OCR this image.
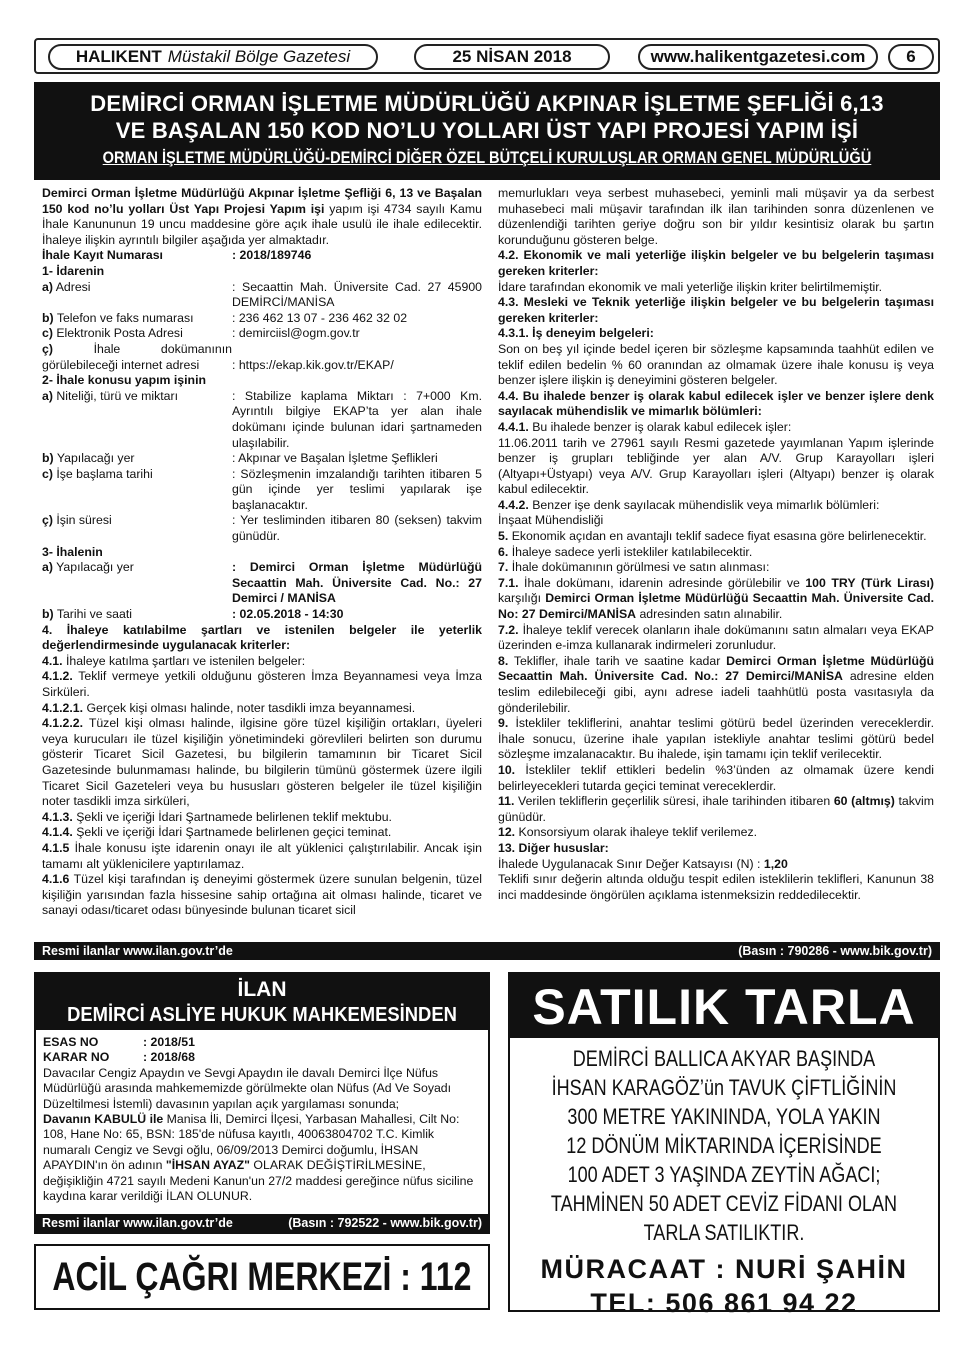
HALIKENT Müstakil Bölge Gazetesi	25 NİSAN 2018	www.halikentgazetesi.com	6
DEMİRCİ ORMAN İŞLETME MÜDÜRLÜĞÜ AKPINAR İŞLETME ŞEFLİĞİ 6,13
VE BAŞALAN 150 KOD NO’LU YOLLARI ÜST YAPI PROJESİ YAPIM İŞİ
ORMAN İŞLETME MÜDÜRLÜĞÜ-DEMİRCİ DİĞER ÖZEL BÜTÇELİ KURULUŞLAR ORMAN GENEL MÜDÜRLÜĞÜ

Demirci Orman İşletme Müdürlüğü Akpınar İşletme Şefliği 6, 13 ve Başalan 150 kod no’lu yolları Üst Yapı Projesi Yapım işi yapım işi 4734 sayılı Kamu İhale Kanununun 19 uncu maddesine göre açık ihale usulü ile ihale edilecektir. İhaleye ilişkin ayrıntılı bilgiler aşağıda yer almaktadır.

İhale Kayıt Numarası	: 2018/189746

1- İdarenin

a) Adresi	: Secaattin Mah. Üniversite Cad. 27 45900 DEMİRCİ/MANİSA
b) Telefon ve faks numarası	: 236 462 13 07 - 236 462 32 02
c) Elektronik Posta Adresi	: demirciisl@ogm.gov.tr
ç)	İhale dokümanının görülebileceği internet adresi	: https://ekap.kik.gov.tr/EKAP/

2- İhale konusu yapım işinin

a) Niteliği, türü ve miktarı	: Stabilize kaplama Miktarı : 7+000 Km. Ayrıntılı bilgiye EKAP’ta yer alan ihale dokümanı içinde bulunan idari şartnameden ulaşılabilir.
b) Yapılacağı yer	: Akpınar ve Başalan İşletme Şeflikleri
c) İşe başlama tarihi	: Sözleşmenin imzalandığı tarihten itibaren 5 gün içinde yer teslimi yapılarak işe başlanacaktır.
ç) İşin süresi	: Yer tesliminden itibaren 80 (seksen) takvim günüdür.

3- İhalenin

a) Yapılacağı yer	: Demirci Orman İşletme Müdürlüğü Secaattin Mah. Üniversite Cad. No.: 27 Demirci / MANİSA
b) Tarihi ve saati	: 02.05.2018 - 14:30

4. İhaleye katılabilme şartları ve istenilen belgeler ile yeterlik değerlendirmesinde uygulanacak kriterler:

4.1. İhaleye katılma şartları ve istenilen belgeler:

4.1.2. Teklif vermeye yetkili olduğunu gösteren İmza Beyannamesi veya İmza Sirküleri.

4.1.2.1. Gerçek kişi olması halinde, noter tasdikli imza beyannamesi.

4.1.2.2. Tüzel kişi olması halinde, ilgisine göre tüzel kişiliğin ortakları, üyeleri veya kurucuları ile tüzel kişiliğin yönetimindeki görevlileri belirten son durumu gösterir Ticaret Sicil Gazetesi, bu bilgilerin tamamının bir Ticaret Sicil Gazetesinde bulunmaması halinde, bu bilgilerin tümünü göstermek üzere ilgili Ticaret Sicil Gazeteleri veya bu hususları gösteren belgeler ile tüzel kişiliğin noter tasdikli imza sirküleri,

4.1.3. Şekli ve içeriği İdari Şartnamede belirlenen teklif mektubu.

4.1.4. Şekli ve içeriği İdari Şartnamede belirlenen geçici teminat.

4.1.5 İhale konusu işte idarenin onayı ile alt yüklenici çalıştırılabilir. Ancak işin tamamı alt yüklenicilere yaptırılamaz.

4.1.6 Tüzel kişi tarafından iş deneyimi göstermek üzere sunulan belgenin, tüzel kişiliğin yarısından fazla hissesine sahip ortağına ait olması halinde, ticaret ve sanayi odası/ticaret odası bünyesinde bulunan ticaret sicil

memurlukları veya serbest muhasebeci, yeminli mali müşavir ya da serbest muhasebeci mali müşavir tarafından ilk ilan tarihinden sonra düzenlenen ve düzenlendiği tarihten geriye doğru son bir yıldır kesintisiz olarak bu şartın korunduğunu gösteren belge.

4.2. Ekonomik ve mali yeterliğe ilişkin belgeler ve bu belgelerin taşıması gereken kriterler:

İdare tarafından ekonomik ve mali yeterliğe ilişkin kriter belirtilmemiştir.

4.3. Mesleki ve Teknik yeterliğe ilişkin belgeler ve bu belgelerin taşıması gereken kriterler:

4.3.1. İş deneyim belgeleri:

Son on beş yıl içinde bedel içeren bir sözleşme kapsamında taahhüt edilen ve teklif edilen bedelin % 60 oranından az olmamak üzere ihale konusu iş veya benzer işlere ilişkin iş deneyimini gösteren belgeler.

4.4. Bu ihalede benzer iş olarak kabul edilecek işler ve benzer işlere denk sayılacak mühendislik ve mimarlık bölümleri:

4.4.1. Bu ihalede benzer iş olarak kabul edilecek işler:

11.06.2011 tarih ve 27961 sayılı Resmi gazetede yayımlanan Yapım işlerinde benzer iş grupları tebliğinde yer alan A/V. Grup Karayolları işleri (Altyapı+Üstyapı) veya A/V. Grup Karayolları işleri (Altyapı) benzer iş olarak kabul edilecektir.

4.4.2. Benzer işe denk sayılacak mühendislik veya mimarlık bölümleri:

İnşaat Mühendisliği

5. Ekonomik açıdan en avantajlı teklif sadece fiyat esasına göre belirlenecektir.

6. İhaleye sadece yerli istekliler katılabilecektir.

7. İhale dokümanının görülmesi ve satın alınması:

7.1. İhale dokümanı, idarenin adresinde görülebilir ve 100 TRY (Türk Lirası) karşılığı Demirci Orman İşletme Müdürlüğü Secaattin Mah. Üniversite Cad. No: 27 Demirci/MANİSA adresinden satın alınabilir.

7.2. İhaleye teklif verecek olanların ihale dokümanını satın almaları veya EKAP üzerinden e-imza kullanarak indirmeleri zorunludur.

8. Teklifler, ihale tarih ve saatine kadar Demirci Orman İşletme Müdürlüğü Secaattin Mah. Üniversite Cad. No.: 27 Demirci/MANİSA adresine elden teslim edilebileceği gibi, aynı adrese iadeli taahhütlü posta vasıtasıyla da gönderilebilir.

9. İstekliler tekliflerini, anahtar teslimi götürü bedel üzerinden vereceklerdir. İhale sonucu, üzerine ihale yapılan istekliyle anahtar teslimi götürü bedel sözleşme imzalanacaktır. Bu ihalede, işin tamamı için teklif verilecektir.

10. İstekliler teklif ettikleri bedelin %3’ünden az olmamak üzere kendi belirleyecekleri tutarda geçici teminat vereceklerdir.

11. Verilen tekliflerin geçerlilik süresi, ihale tarihinden itibaren 60 (altmış) takvim günüdür.

12. Konsorsiyum olarak ihaleye teklif verilemez.

13. Diğer hususlar:

İhalede Uygulanacak Sınır Değer Katsayısı (N) : 1,20

Teklifi sınır değerin altında olduğu tespit edilen isteklilerin teklifleri, Kanunun 38 inci maddesinde öngörülen açıklama istenmeksizin reddedilecektir.

Resmi ilanlar www.ilan.gov.tr’de	(Basın : 790286 - www.bik.gov.tr)
İLAN
DEMİRCİ ASLİYE HUKUK MAHKEMESİNDEN
ESAS NO	: 2018/51
KARAR NO	: 2018/68

Davacılar Cengiz Apaydın ve Sevgi Apaydın ile davalı Demirci İlçe Nüfus Müdürlüğü arasında mahkememizde görülmekte olan Nüfus (Ad Ve Soyadı Düzeltilmesi İstemli) davasının yapılan açık yargılaması sonunda;

Davanın KABULÜ ile Manisa İli, Demirci İlçesi, Yarbasan Mahallesi, Cilt No: 108, Hane No: 65, BSN: 185'de nüfusa kayıtlı, 40063804702 T.C. Kimlik numaralı Cengiz ve Sevgi oğlu, 06/09/2013 Demirci doğumlu, İHSAN APAYDIN'ın ön adının "İHSAN AYAZ" OLARAK DEĞİŞTİRİLMESİNE, değişikliğin 4721 sayılı Medeni Kanun'un 27/2 maddesi gereğince nüfus siciline kaydına karar verildiği İLAN OLUNUR.

Resmi ilanlar www.ilan.gov.tr’de	(Basın : 792522 - www.bik.gov.tr)
ACİL ÇAĞRI MERKEZİ : 112
SATILIK TARLA
DEMİRCİ BALLICA AKYAR BAŞINDA
İHSAN KARAGÖZ’ün TAVUK ÇİFTLİĞİNİN
300 METRE YAKININDA, YOLA YAKIN
12 DÖNÜM MİKTARINDA İÇERİSİNDE
100 ADET 3 YAŞINDA ZEYTİN AĞACI;
TAHMİNEN 50 ADET CEVİZ FİDANI OLAN
TARLA SATILIKTIR.
MÜRACAAT : NURİ ŞAHİN
TEL: 506 861 94 22
